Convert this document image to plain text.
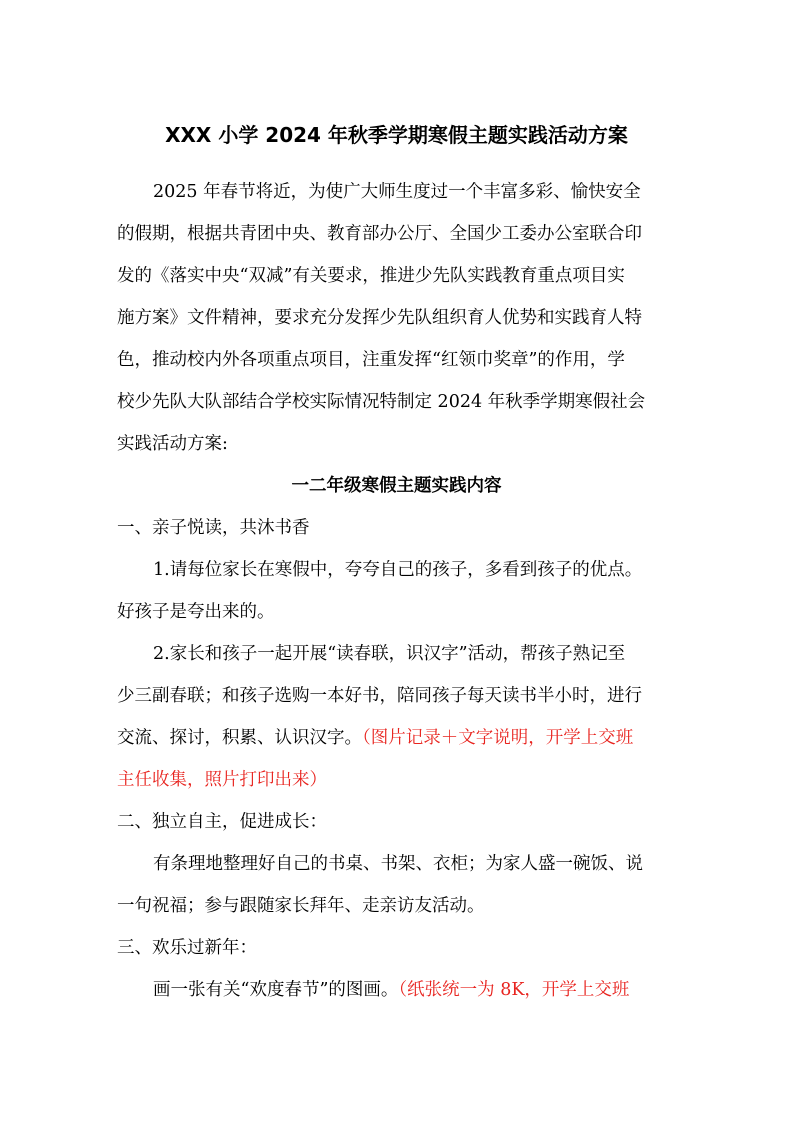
XXX 小学 2024 年秋季学期寒假主题实践活动方案
2025 年春节将近，为使广大师生度过一个丰富多彩、愉快安全
的假期，根据共青团中央、教育部办公厅、全国少工委办公室联合印
发的《落实中央“双减”有关要求，推进少先队实践教育重点项目实
施方案》文件精神，要求充分发挥少先队组织育人优势和实践育人特
色，推动校内外各项重点项目，注重发挥“红领巾奖章”的作用，学
校少先队大队部结合学校实际情况特制定 2024 年秋季学期寒假社会
实践活动方案:
一二年级寒假主题实践内容
一、亲子悦读，共沐书香
1.请每位家长在寒假中，夸夸自己的孩子，多看到孩子的优点。
好孩子是夸出来的。
2.家长和孩子一起开展“读春联，识汉字”活动，帮孩子熟记至
少三副春联；和孩子选购一本好书，陪同孩子每天读书半小时，进行
交流、探讨，积累、认识汉字。（图片记录＋文字说明，开学上交班
主任收集，照片打印出来）
二、独立自主，促进成长：
有条理地整理好自己的书桌、书架、衣柜；为家人盛一碗饭、说
一句祝福；参与跟随家长拜年、走亲访友活动。
三、欢乐过新年：
画一张有关“欢度春节”的图画。（纸张统一为 8K，开学上交班
